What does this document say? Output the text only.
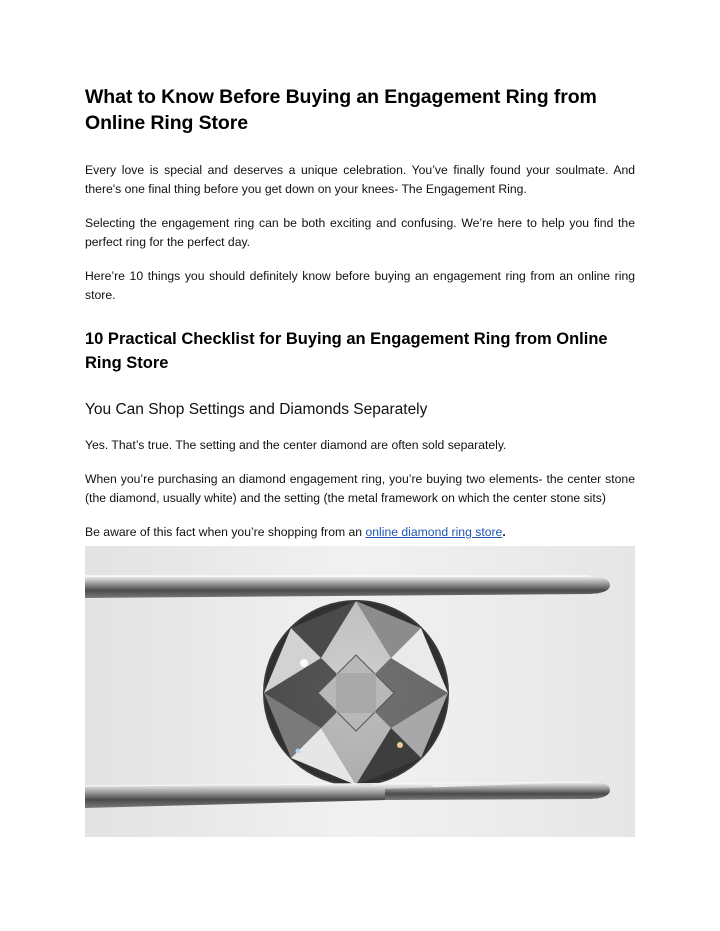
What to Know Before Buying an Engagement Ring from Online Ring Store

Every love is special and deserves a unique celebration. You’ve finally found your soulmate. And there's one final thing before you get down on your knees- The Engagement Ring.

Selecting the engagement ring can be both exciting and confusing. We’re here to help you find the perfect ring for the perfect day.

Here’re 10 things you should definitely know before buying an engagement ring from an online ring store.

10 Practical Checklist for Buying an Engagement Ring from Online Ring Store
You Can Shop Settings and Diamonds Separately

Yes. That’s true. The setting and the center diamond are often sold separately.

When you’re purchasing an diamond engagement ring, you’re buying two elements- the center stone (the diamond, usually white) and the setting (the metal framework on which the center stone sits)

Be aware of this fact when you’re shopping from an online diamond ring store.
